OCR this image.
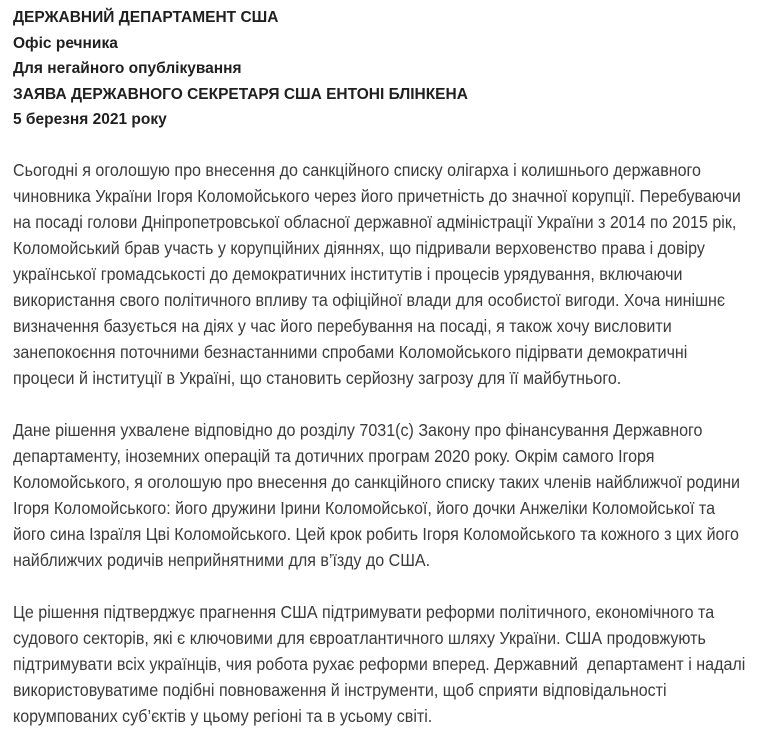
ДЕРЖАВНИЙ ДЕПАРТАМЕНТ США
Офіс речника
Для негайного опублікування
ЗАЯВА ДЕРЖАВНОГО СЕКРЕТАРЯ США ЕНТОНІ БЛІНКЕНА
5 березня 2021 року

Сьогодні я оголошую про внесення до санкційного списку олігарха і колишнього державного чиновника України Ігоря Коломойського через його причетність до значної корупції. Перебуваючи на посаді голови Дніпропетровської обласної державної адміністрації України з 2014 по 2015 рік, Коломойський брав участь у корупційних діяннях, що підривали верховенство права і довіру української громадськості до демократичних інститутів і процесів урядування, включаючи використання свого політичного впливу та офіційної влади для особистої вигоди. Хоча нинішнє визначення базується на діях у час його перебування на посаді, я також хочу висловити занепокоєння поточними безнастанними спробами Коломойського підірвати демократичні процеси й інституції в Україні, що становить серйозну загрозу для її майбутнього.

Дане рішення ухвалене відповідно до розділу 7031(c) Закону про фінансування Державного департаменту, іноземних операцій та дотичних програм 2020 року. Окрім самого Ігоря Коломойського, я оголошую про внесення до санкційного списку таких членів найближчої родини Ігоря Коломойського: його дружини Ірини Коломойської, його дочки Анжеліки Коломойської та його сина Ізраїля Цві Коломойського. Цей крок робить Ігоря Коломойського та кожного з цих його найближчих родичів неприйнятними для в’їзду до США.

Це рішення підтверджує прагнення США підтримувати реформи політичного, економічного та судового секторів, які є ключовими для євроатлантичного шляху України. США продовжують підтримувати всіх українців, чия робота рухає реформи вперед. Державний  департамент і надалі використовуватиме подібні повноваження й інструменти, щоб сприяти відповідальності корумпованих суб’єктів у цьому регіоні та в усьому світі.
